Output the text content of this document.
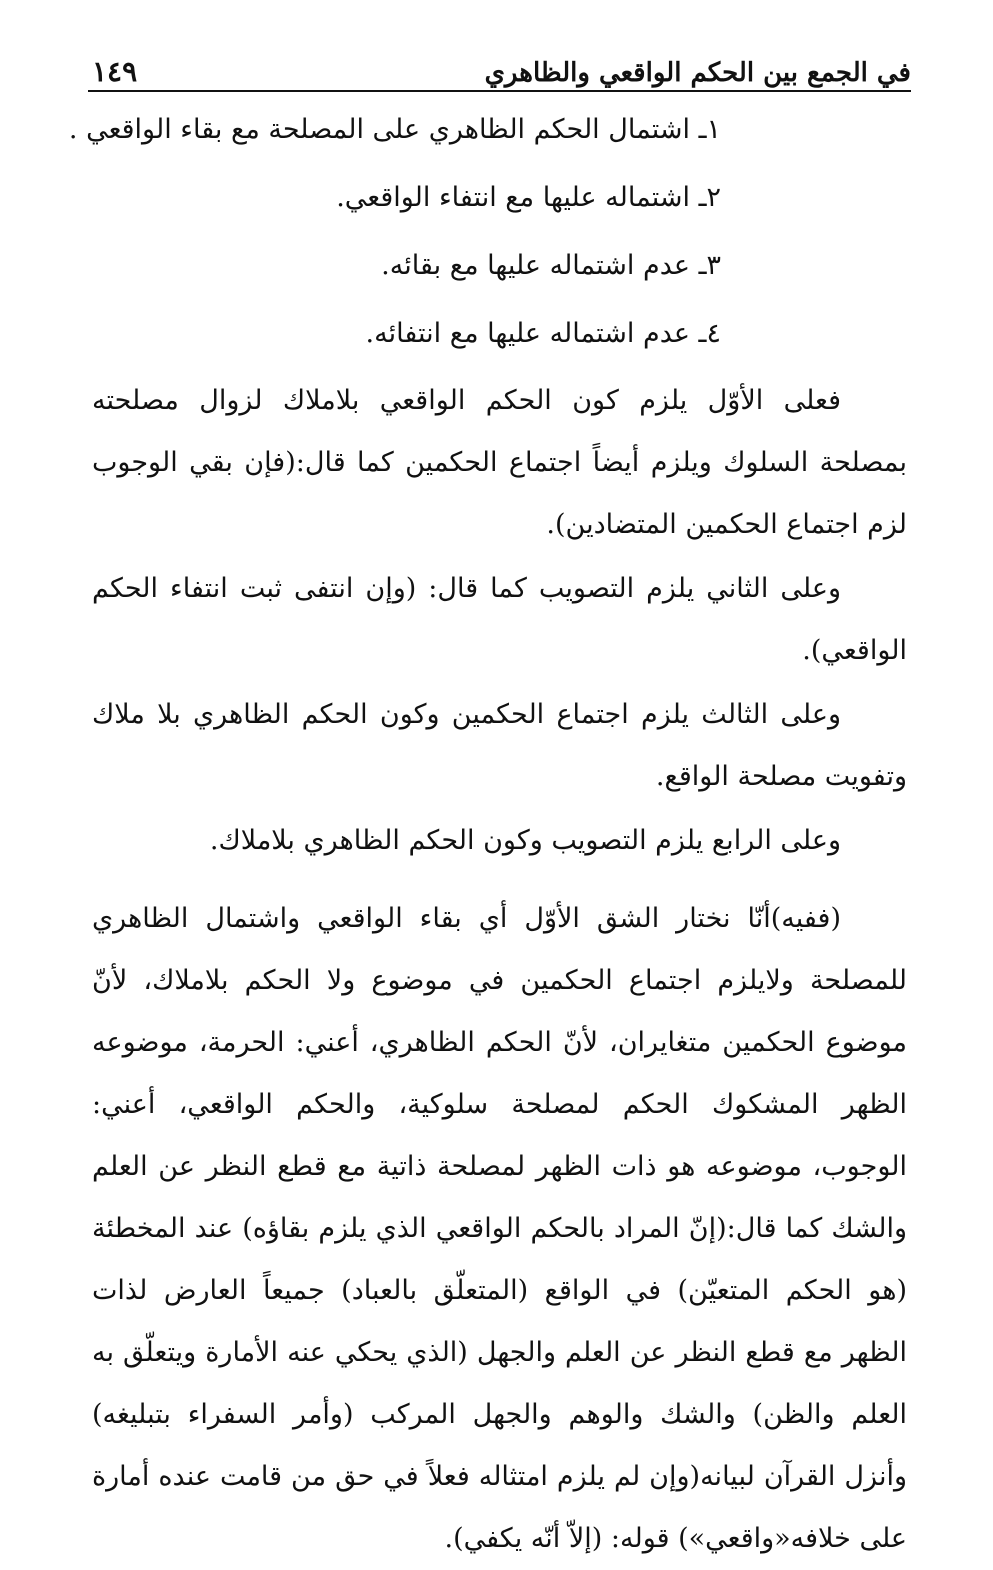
في الجمع بين الحكم الواقعي والظاهري
١٤٩

١ـ اشتمال الحكم الظاهري على المصلحة مع بقاء الواقعي .

٢ـ اشتماله عليها مع انتفاء الواقعي.

٣ـ عدم اشتماله عليها مع بقائه.

٤ـ عدم اشتماله عليها مع انتفائه.

فعلى الأوّل يلزم كون الحكم الواقعي بلاملاك لزوال مصلحته بمصلحة السلوك ويلزم أيضاً اجتماع الحكمين كما قال:(فإن بقي الوجوب لزم اجتماع الحكمين المتضادين).

وعلى الثاني يلزم التصويب كما قال: (وإن انتفى ثبت انتفاء الحكم الواقعي).

وعلى الثالث يلزم اجتماع الحكمين وكون الحكم الظاهري بلا ملاك وتفويت مصلحة الواقع.

وعلى الرابع يلزم التصويب وكون الحكم الظاهري بلاملاك.

(ففيه)أنّا نختار الشق الأوّل أي بقاء الواقعي واشتمال الظاهري للمصلحة ولايلزم اجتماع الحكمين في موضوع ولا الحكم بلاملاك، لأنّ موضوع الحكمين متغايران، لأنّ الحكم الظاهري، أعني: الحرمة، موضوعه الظهر المشكوك الحكم لمصلحة سلوكية، والحكم الواقعي، أعني: الوجوب، موضوعه هو ذات الظهر لمصلحة ذاتية مع قطع النظر عن العلم والشك كما قال:(إنّ المراد بالحكم الواقعي الذي يلزم بقاؤه) عند المخطئة (هو الحكم المتعيّن) في الواقع (المتعلّق بالعباد) جميعاً العارض لذات الظهر مع قطع النظر عن العلم والجهل (الذي يحكي عنه الأمارة ويتعلّق به العلم والظن) والشك والوهم والجهل المركب (وأمر السفراء بتبليغه) وأنزل القرآن لبيانه(وإن لم يلزم امتثاله فعلاً في حق من قامت عنده أمارة على خلافه«واقعي») قوله: (إلاّ أنّه يكفي).
